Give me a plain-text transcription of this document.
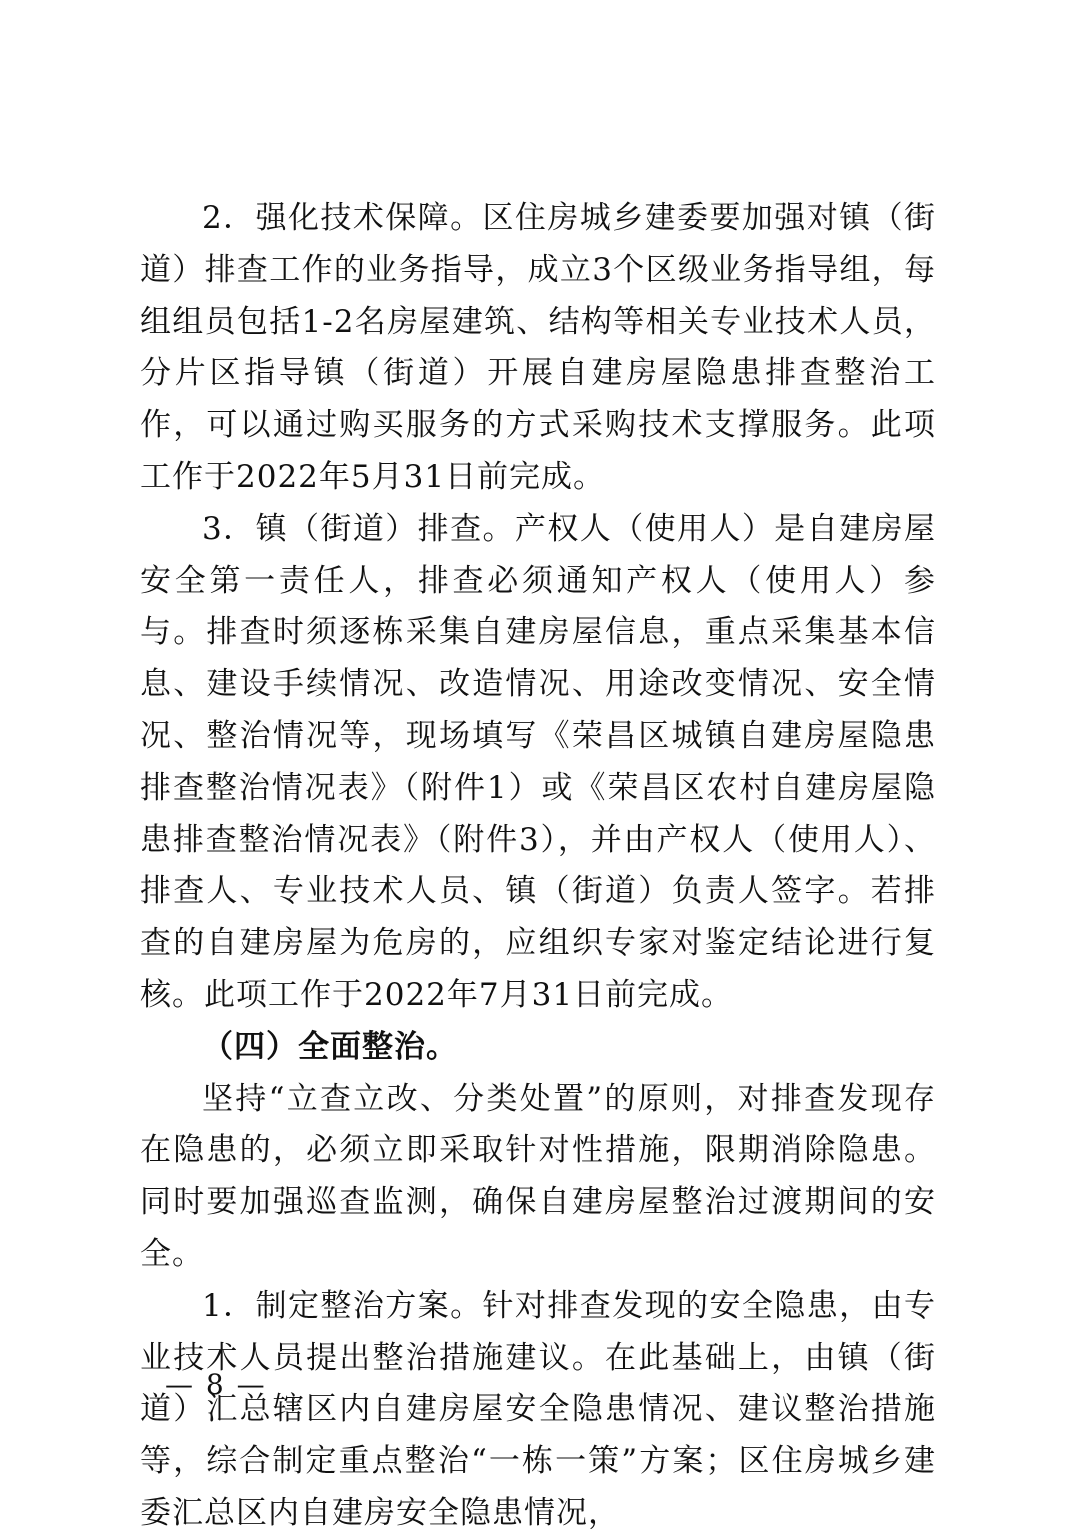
2．强化技术保障。区住房城乡建委要加强对镇（街道）排查工作的业务指导，成立3个区级业务指导组，每组组员包括1-2名房屋建筑、结构等相关专业技术人员，分片区指导镇（街道）开展自建房屋隐患排查整治工作，可以通过购买服务的方式采购技术支撑服务。此项工作于2022年5月31日前完成。

3．镇（街道）排查。产权人（使用人）是自建房屋安全第一责任人，排查必须通知产权人（使用人）参与。排查时须逐栋采集自建房屋信息，重点采集基本信息、建设手续情况、改造情况、用途改变情况、安全情况、整治情况等，现场填写《荣昌区城镇自建房屋隐患排查整治情况表》（附件1）或《荣昌区农村自建房屋隐患排查整治情况表》（附件3），并由产权人（使用人）、排查人、专业技术人员、镇（街道）负责人签字。若排查的自建房屋为危房的，应组织专家对鉴定结论进行复核。此项工作于2022年7月31日前完成。

（四）全面整治。

坚持“立查立改、分类处置”的原则，对排查发现存在隐患的，必须立即采取针对性措施，限期消除隐患。同时要加强巡查监测，确保自建房屋整治过渡期间的安全。

1．制定整治方案。针对排查发现的安全隐患，由专业技术人员提出整治措施建议。在此基础上，由镇（街道）汇总辖区内自建房屋安全隐患情况、建议整治措施等，综合制定重点整治“一栋一策”方案；区住房城乡建委汇总区内自建房安全隐患情况，

— 8 —
